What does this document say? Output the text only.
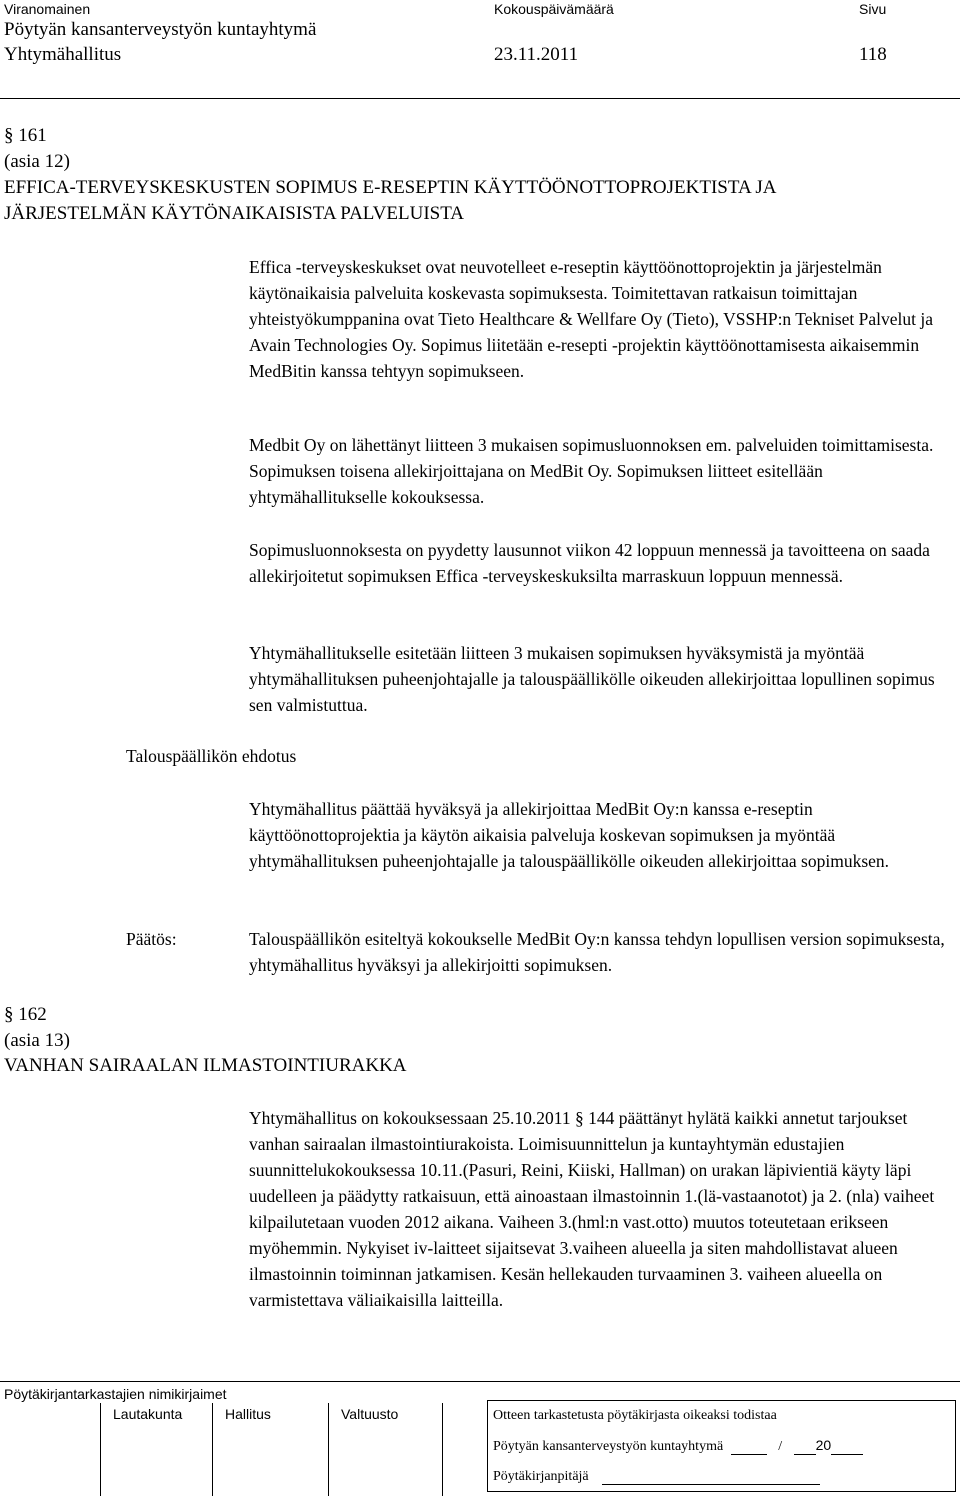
Viranomainen	Kokouspäivämäärä	Sivu
Pöytyän kansanterveystyön kuntayhtymä
Yhtymähallitus	23.11.2011	118
§ 161
(asia 12)
EFFICA-TERVEYSKESKUSTEN SOPIMUS E-RESEPTIN KÄYTTÖÖNOTTOPROJEKTISTA JA
JÄRJESTELMÄN KÄYTÖNAIKAISISTA PALVELUISTA

Effica -terveyskeskukset ovat neuvotelleet e-reseptin käyttöönottoprojektin ja järjestelmän käytönaikaisia palveluita koskevasta sopimuksesta. Toimitettavan ratkaisun toimittajan yhteistyökumppanina ovat Tieto Healthcare & Wellfare Oy (Tieto), VSSHP:n Tekniset Palvelut ja Avain Technologies Oy. Sopimus liitetään e-resepti -projektin käyttöönottamisesta aikaisemmin MedBitin kanssa tehtyyn sopimukseen.

Medbit Oy on lähettänyt liitteen 3 mukaisen sopimusluonnoksen em. palveluiden toimittamisesta. Sopimuksen toisena allekirjoittajana on MedBit Oy. Sopimuksen liitteet esitellään yhtymähallitukselle kokouksessa.

Sopimusluonnoksesta on pyydetty lausunnot viikon 42 loppuun mennessä ja tavoitteena on saada allekirjoitetut sopimuksen Effica -terveyskeskuksilta marraskuun loppuun mennessä.

Yhtymähallitukselle esitetään liitteen 3 mukaisen sopimuksen hyväksymistä ja myöntää yhtymähallituksen puheenjohtajalle ja talouspäällikölle oikeuden allekirjoittaa lopullinen sopimus sen valmistuttua.

Talouspäällikön ehdotus

Yhtymähallitus päättää hyväksyä ja allekirjoittaa MedBit Oy:n kanssa e-reseptin käyttöönottoprojektia ja käytön aikaisia palveluja koskevan sopimuksen ja myöntää yhtymähallituksen puheenjohtajalle ja talouspäällikölle oikeuden allekirjoittaa sopimuksen.

Päätös:	Talouspäällikön esiteltyä kokoukselle MedBit Oy:n kanssa tehdyn lopullisen version sopimuksesta, yhtymähallitus hyväksyi ja allekirjoitti sopimuksen.

§ 162
(asia 13)
VANHAN SAIRAALAN ILMASTOINTIURAKKA

Yhtymähallitus on kokouksessaan 25.10.2011 § 144 päättänyt hylätä kaikki annetut tarjoukset vanhan sairaalan ilmastointiurakoista. Loimisuunnittelun ja kuntayhtymän edustajien suunnittelukokouksessa 10.11.(Pasuri, Reini, Kiiski, Hallman) on urakan läpivientiä käyty läpi uudelleen ja päädytty ratkaisuun, että ainoastaan ilmastoinnin 1.(lä-vastaanotot) ja 2. (nla) vaiheet kilpailutetaan vuoden 2012 aikana. Vaiheen 3.(hml:n vast.otto) muutos toteutetaan erikseen myöhemmin. Nykyiset iv-laitteet sijaitsevat 3.vaiheen alueella ja siten mahdollistavat alueen ilmastoinnin toiminnan jatkamisen. Kesän hellekauden turvaaminen 3. vaiheen alueella on varmistettava väliaikaisilla laitteilla.

Pöytäkirjantarkastajien nimikirjaimet
Lautakunta	Hallitus	Valtuusto	Otteen tarkastetusta pöytäkirjasta oikeaksi todistaa
Pöytyän kansanterveystyön kuntayhtymä	/ 20
Pöytäkirjanpitäjä
